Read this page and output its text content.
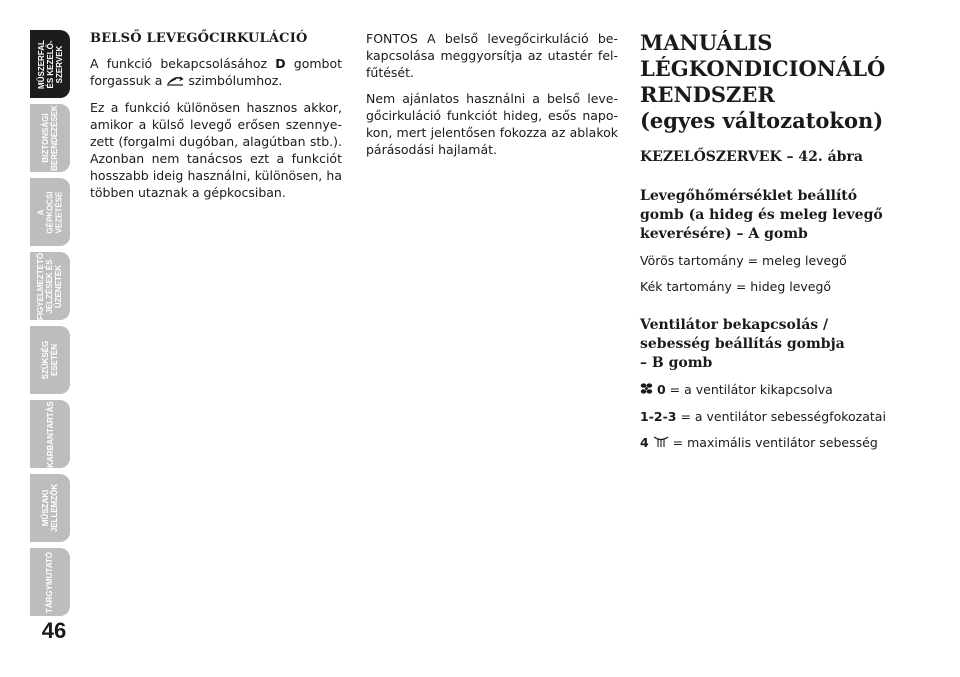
MŰSZERFAL
ÉS KEZELŐ-
SZERVEK
BIZTONSÁGI
BERENDEZÉSEK
A GÉPKOCSI
VEZETÉSE
FIGYELMEZTETŐ
JELZÉSEK ÉS
ÜZENETEK
SZÜKSÉG
ESETÉN
KARBANTARTÁS
MŰSZAKI
JELLEMZŐK
TÁRGYMUTATÓ
46
BELSŐ LEVEGŐCIRKULÁCIÓ

A funkció bekapcsolásához D gombot forgassuk a  szimbólumhoz.

Ez a funkció különösen hasznos akkor, amikor a külső levegő erősen szennyezett (forgalmi dugóban, alagútban stb.). Azonban nem tanácsos ezt a funkciót hosszabb ideig használni, különösen, ha többen utaznak a gépkocsiban.

FONTOS A belső levegőcirkuláció bekapcsolása meggyorsítja az utastér felfűtését.

Nem ajánlatos használni a belső levegőcirkuláció funkciót hideg, esős napokon, mert jelentősen fokozza az ablakok párásodási hajlamát.

MANUÁLIS
LÉGKONDICIONÁLÓ
RENDSZER
(egyes változatokon)
KEZELŐSZERVEK – 42. ábra
Levegőhőmérséklet beállító
gomb (a hideg és meleg levegő
keverésére) – A gomb
Vörös tartomány = meleg levegő
Kék tartomány = hideg levegő
Ventilátor bekapcsolás /
sebesség beállítás gombja
– B gomb
0 = a ventilátor kikapcsolva
1-2-3 = a ventilátor sebességfokozatai
4  = maximális ventilátor sebesség
